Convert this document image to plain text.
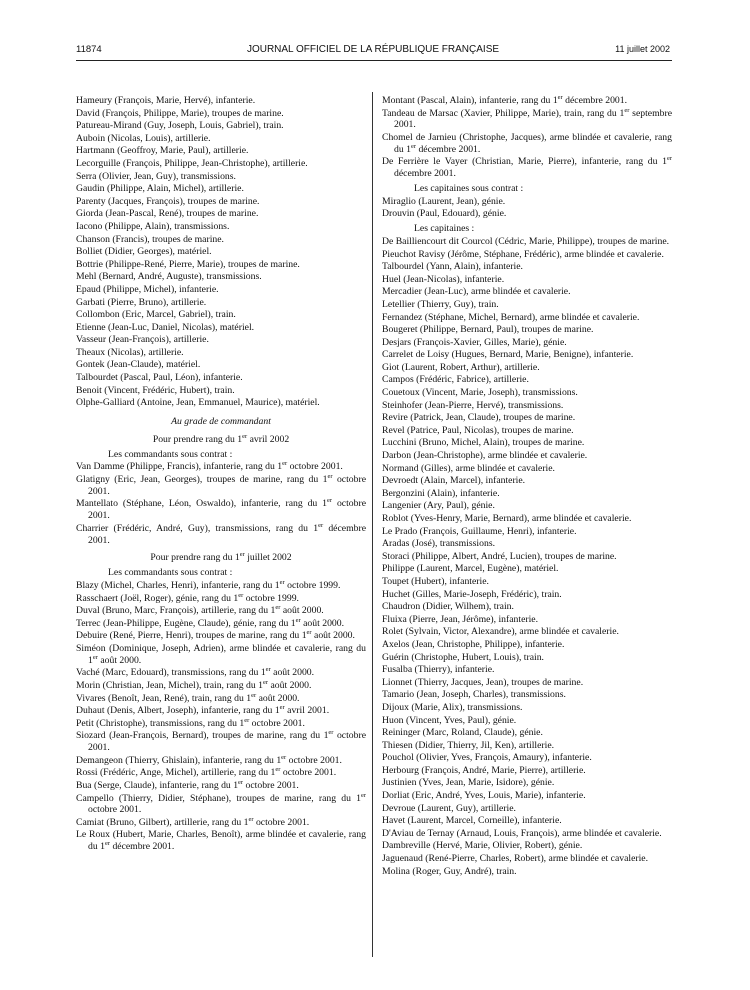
11874	JOURNAL OFFICIEL DE LA RÉPUBLIQUE FRANÇAISE	11 juillet 2002
Hameury (François, Marie, Hervé), infanterie.
David (François, Philippe, Marie), troupes de marine.
Patureau-Mirand (Guy, Joseph, Louis, Gabriel), train.
Auboin (Nicolas, Louis), artillerie.
Hartmann (Geoffroy, Marie, Paul), artillerie.
Lecorguille (François, Philippe, Jean-Christophe), artillerie.
Serra (Olivier, Jean, Guy), transmissions.
Gaudin (Philippe, Alain, Michel), artillerie.
Parenty (Jacques, François), troupes de marine.
Giorda (Jean-Pascal, René), troupes de marine.
Iacono (Philippe, Alain), transmissions.
Chanson (Francis), troupes de marine.
Bolliet (Didier, Georges), matériel.
Bottrie (Philippe-René, Pierre, Marie), troupes de marine.
Mehl (Bernard, André, Auguste), transmissions.
Epaud (Philippe, Michel), infanterie.
Garbati (Pierre, Bruno), artillerie.
Collombon (Eric, Marcel, Gabriel), train.
Etienne (Jean-Luc, Daniel, Nicolas), matériel.
Vasseur (Jean-François), artillerie.
Theaux (Nicolas), artillerie.
Gontek (Jean-Claude), matériel.
Talbourdet (Pascal, Paul, Léon), infanterie.
Benoit (Vincent, Frédéric, Hubert), train.
Olphe-Galliard (Antoine, Jean, Emmanuel, Maurice), matériel.
Au grade de commandant
Pour prendre rang du 1er avril 2002
Les commandants sous contrat :
Van Damme (Philippe, Francis), infanterie, rang du 1er octobre 2001.
Glatigny (Eric, Jean, Georges), troupes de marine, rang du 1er octobre 2001.
Mantellato (Stéphane, Léon, Oswaldo), infanterie, rang du 1er octobre 2001.
Charrier (Frédéric, André, Guy), transmissions, rang du 1er décembre 2001.
Pour prendre rang du 1er juillet 2002
Les commandants sous contrat :
Blazy (Michel, Charles, Henri), infanterie, rang du 1er octobre 1999.
Rasschaert (Joël, Roger), génie, rang du 1er octobre 1999.
Duval (Bruno, Marc, François), artillerie, rang du 1er août 2000.
Terrec (Jean-Philippe, Eugène, Claude), génie, rang du 1er août 2000.
Debuire (René, Pierre, Henri), troupes de marine, rang du 1er août 2000.
Siméon (Dominique, Joseph, Adrien), arme blindée et cavalerie, rang du 1er août 2000.
Vaché (Marc, Edouard), transmissions, rang du 1er août 2000.
Morin (Christian, Jean, Michel), train, rang du 1er août 2000.
Vivares (Benoît, Jean, René), train, rang du 1er août 2000.
Duhaut (Denis, Albert, Joseph), infanterie, rang du 1er avril 2001.
Petit (Christophe), transmissions, rang du 1er octobre 2001.
Siozard (Jean-François, Bernard), troupes de marine, rang du 1er octobre 2001.
Demangeon (Thierry, Ghislain), infanterie, rang du 1er octobre 2001.
Rossi (Frédéric, Ange, Michel), artillerie, rang du 1er octobre 2001.
Bua (Serge, Claude), infanterie, rang du 1er octobre 2001.
Campello (Thierry, Didier, Stéphane), troupes de marine, rang du 1er octobre 2001.
Camiat (Bruno, Gilbert), artillerie, rang du 1er octobre 2001.
Le Roux (Hubert, Marie, Charles, Benoît), arme blindée et cavalerie, rang du 1er décembre 2001.
Montant (Pascal, Alain), infanterie, rang du 1er décembre 2001.
Tandeau de Marsac (Xavier, Philippe, Marie), train, rang du 1er septembre 2001.
Chomel de Jarnieu (Christophe, Jacques), arme blindée et cavalerie, rang du 1er décembre 2001.
De Ferrière le Vayer (Christian, Marie, Pierre), infanterie, rang du 1er décembre 2001.
Les capitaines sous contrat :
Miraglio (Laurent, Jean), génie.
Drouvin (Paul, Edouard), génie.
Les capitaines :
De Bailliencourt dit Courcol (Cédric, Marie, Philippe), troupes de marine.
Pieuchot Ravisy (Jérôme, Stéphane, Frédéric), arme blindée et cavalerie.
Talbourdel (Yann, Alain), infanterie.
Huel (Jean-Nicolas), infanterie.
Mercadier (Jean-Luc), arme blindée et cavalerie.
Letellier (Thierry, Guy), train.
Fernandez (Stéphane, Michel, Bernard), arme blindée et cavalerie.
Bougeret (Philippe, Bernard, Paul), troupes de marine.
Desjars (François-Xavier, Gilles, Marie), génie.
Carrelet de Loisy (Hugues, Bernard, Marie, Benigne), infanterie.
Giot (Laurent, Robert, Arthur), artillerie.
Campos (Frédéric, Fabrice), artillerie.
Couetoux (Vincent, Marie, Joseph), transmissions.
Steinhofer (Jean-Pierre, Hervé), transmissions.
Revire (Patrick, Jean, Claude), troupes de marine.
Revel (Patrice, Paul, Nicolas), troupes de marine.
Lucchini (Bruno, Michel, Alain), troupes de marine.
Darbon (Jean-Christophe), arme blindée et cavalerie.
Normand (Gilles), arme blindée et cavalerie.
Devroedt (Alain, Marcel), infanterie.
Bergonzini (Alain), infanterie.
Langenier (Ary, Paul), génie.
Roblot (Yves-Henry, Marie, Bernard), arme blindée et cavalerie.
Le Prado (François, Guillaume, Henri), infanterie.
Aradas (José), transmissions.
Storaci (Philippe, Albert, André, Lucien), troupes de marine.
Philippe (Laurent, Marcel, Eugène), matériel.
Toupet (Hubert), infanterie.
Huchet (Gilles, Marie-Joseph, Frédéric), train.
Chaudron (Didier, Wilhem), train.
Fluixa (Pierre, Jean, Jérôme), infanterie.
Rolet (Sylvain, Victor, Alexandre), arme blindée et cavalerie.
Axelos (Jean, Christophe, Philippe), infanterie.
Guérin (Christophe, Hubert, Louis), train.
Fusalba (Thierry), infanterie.
Lionnet (Thierry, Jacques, Jean), troupes de marine.
Tamario (Jean, Joseph, Charles), transmissions.
Dijoux (Marie, Alix), transmissions.
Huon (Vincent, Yves, Paul), génie.
Reininger (Marc, Roland, Claude), génie.
Thiesen (Didier, Thierry, Jil, Ken), artillerie.
Pouchol (Olivier, Yves, François, Amaury), infanterie.
Herbourg (François, André, Marie, Pierre), artillerie.
Justinien (Yves, Jean, Marie, Isidore), génie.
Dorliat (Eric, André, Yves, Louis, Marie), infanterie.
Devroue (Laurent, Guy), artillerie.
Havet (Laurent, Marcel, Corneille), infanterie.
D'Aviau de Ternay (Arnaud, Louis, François), arme blindée et cavalerie.
Dambreville (Hervé, Marie, Olivier, Robert), génie.
Jaguenaud (René-Pierre, Charles, Robert), arme blindée et cavalerie.
Molina (Roger, Guy, André), train.
